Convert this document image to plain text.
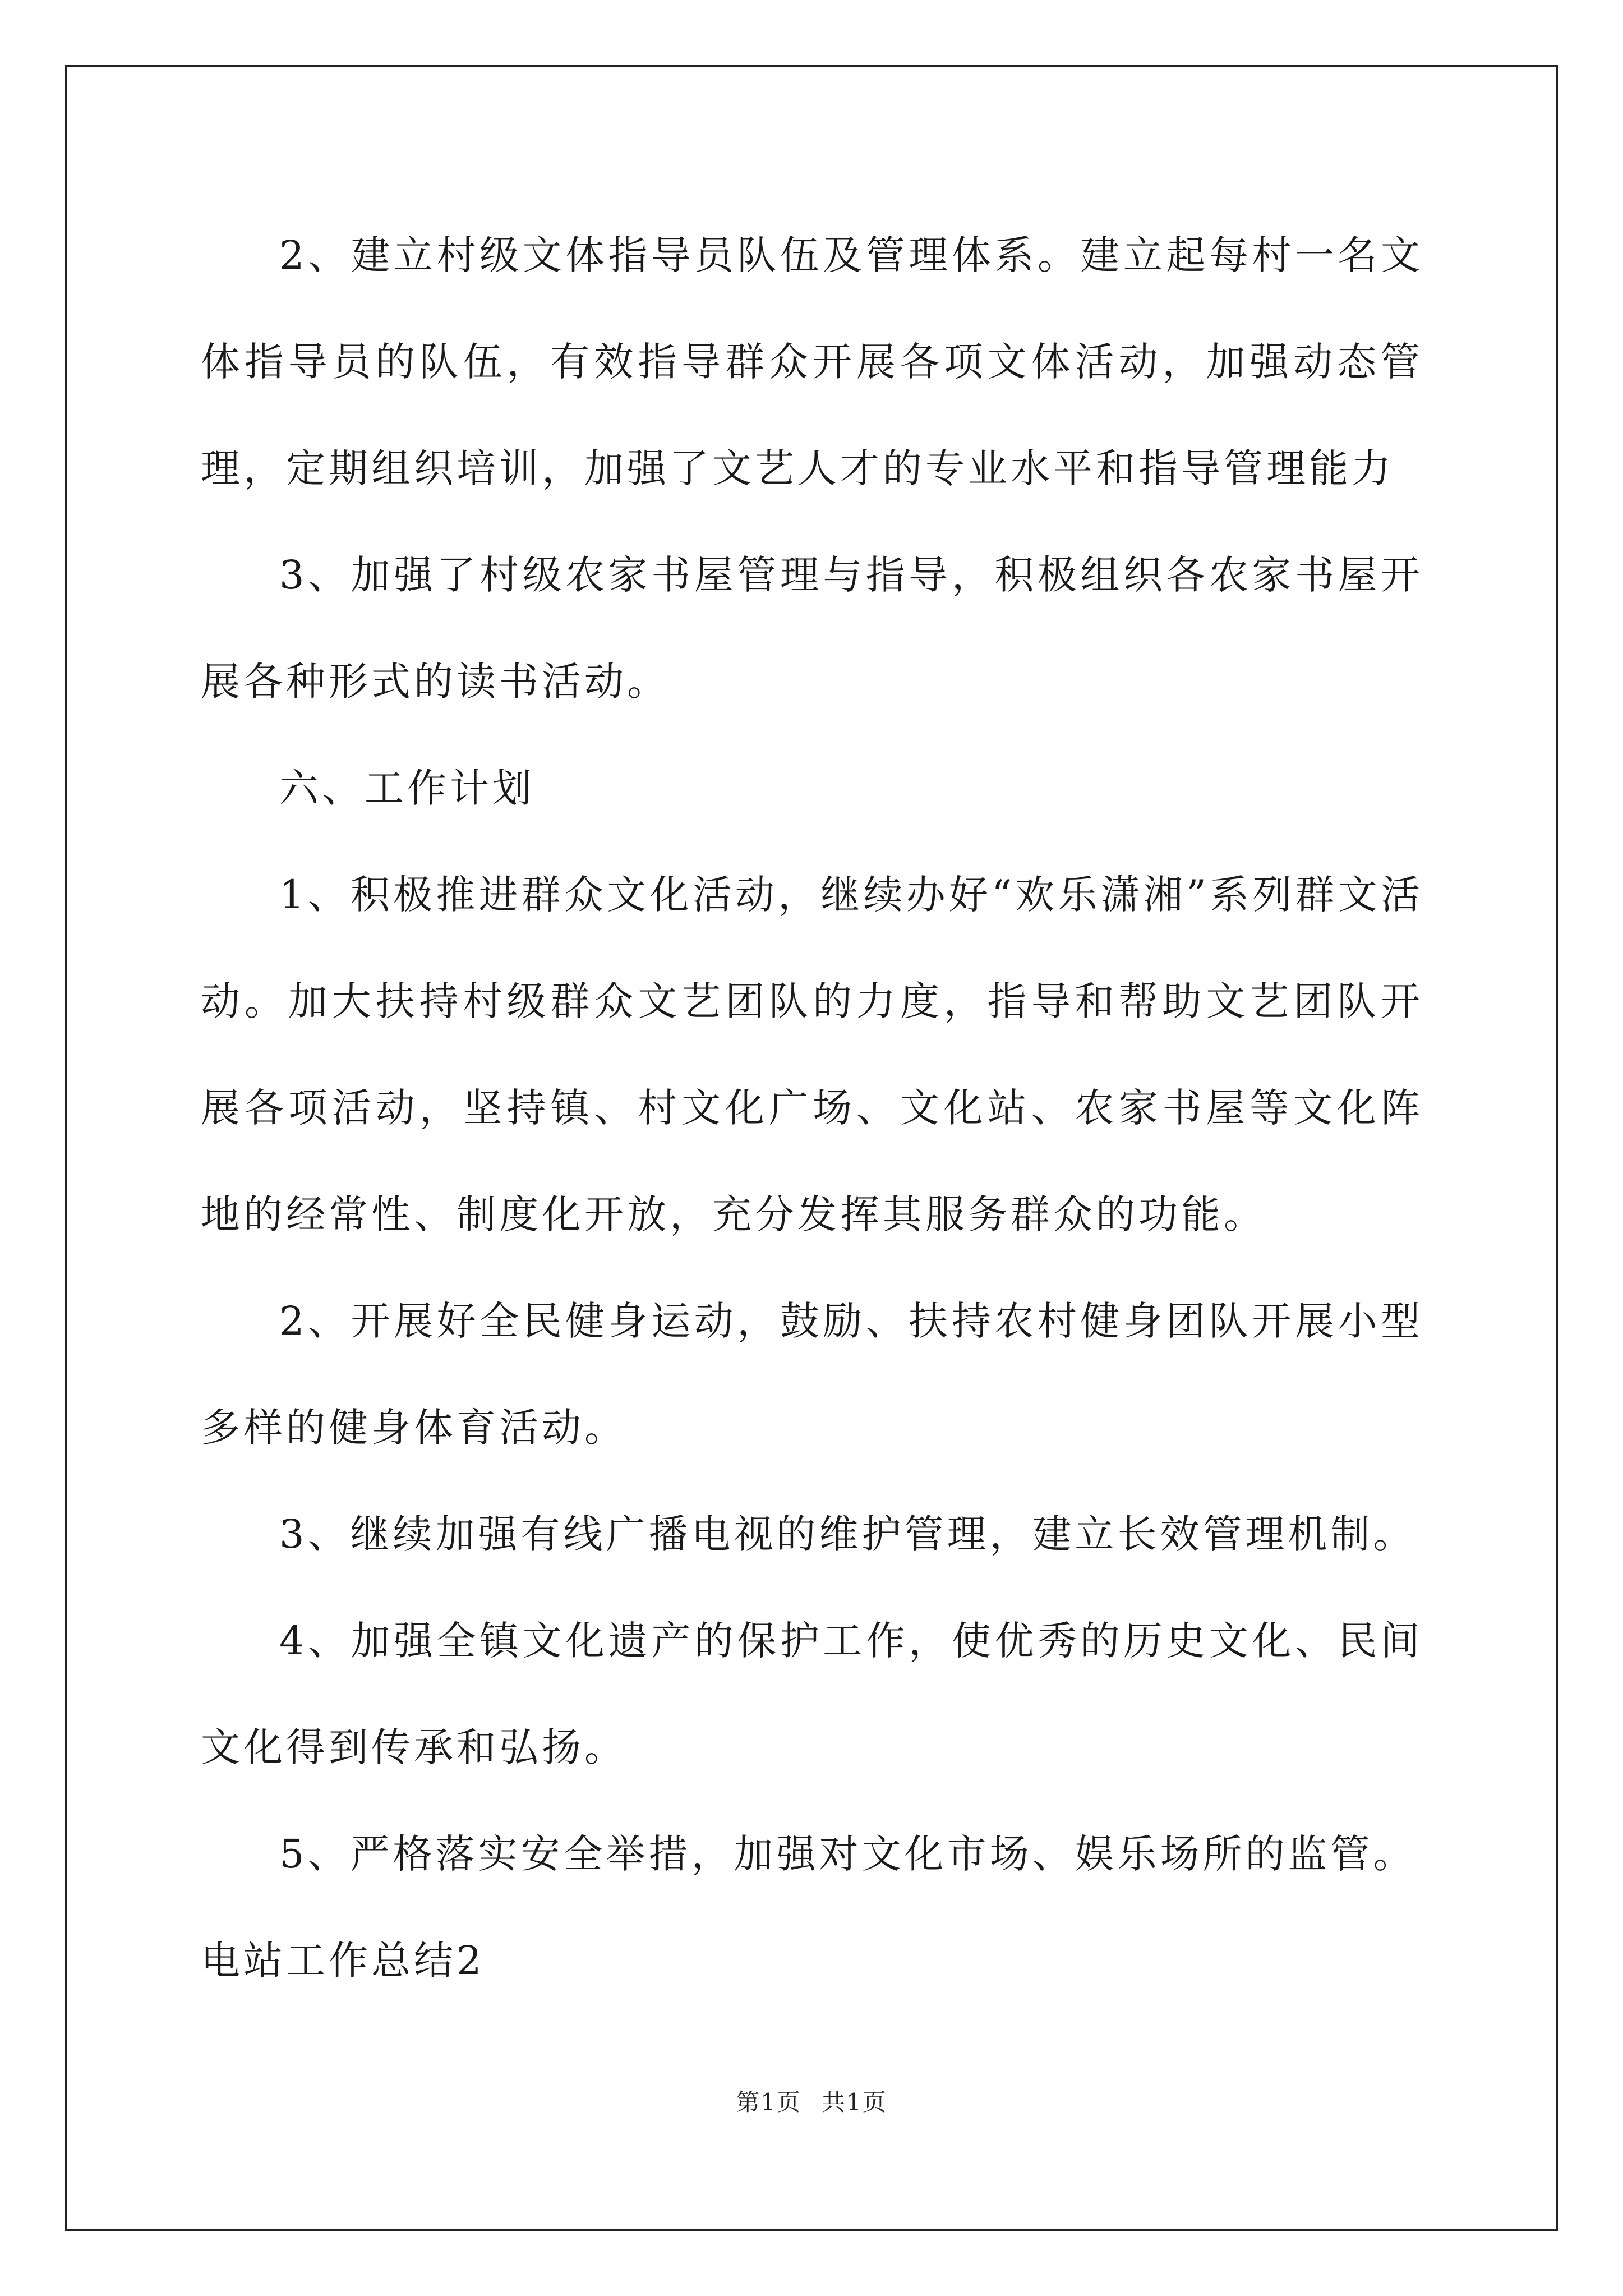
2、建立村级文体指导员队伍及管理体系。建立起每村一名文体指导员的队伍，有效指导群众开展各项文体活动，加强动态管理，定期组织培训，加强了文艺人才的专业水平和指导管理能力

3、加强了村级农家书屋管理与指导，积极组织各农家书屋开展各种形式的读书活动。

六、工作计划

1、积极推进群众文化活动，继续办好“欢乐潇湘”系列群文活动。加大扶持村级群众文艺团队的力度，指导和帮助文艺团队开展各项活动，坚持镇、村文化广场、文化站、农家书屋等文化阵地的经常性、制度化开放，充分发挥其服务群众的功能。

2、开展好全民健身运动，鼓励、扶持农村健身团队开展小型多样的健身体育活动。

3、继续加强有线广播电视的维护管理，建立长效管理机制。

4、加强全镇文化遗产的保护工作，使优秀的历史文化、民间文化得到传承和弘扬。

5、严格落实安全举措，加强对文化市场、娱乐场所的监管。

电站工作总结2

第1页 共1页
